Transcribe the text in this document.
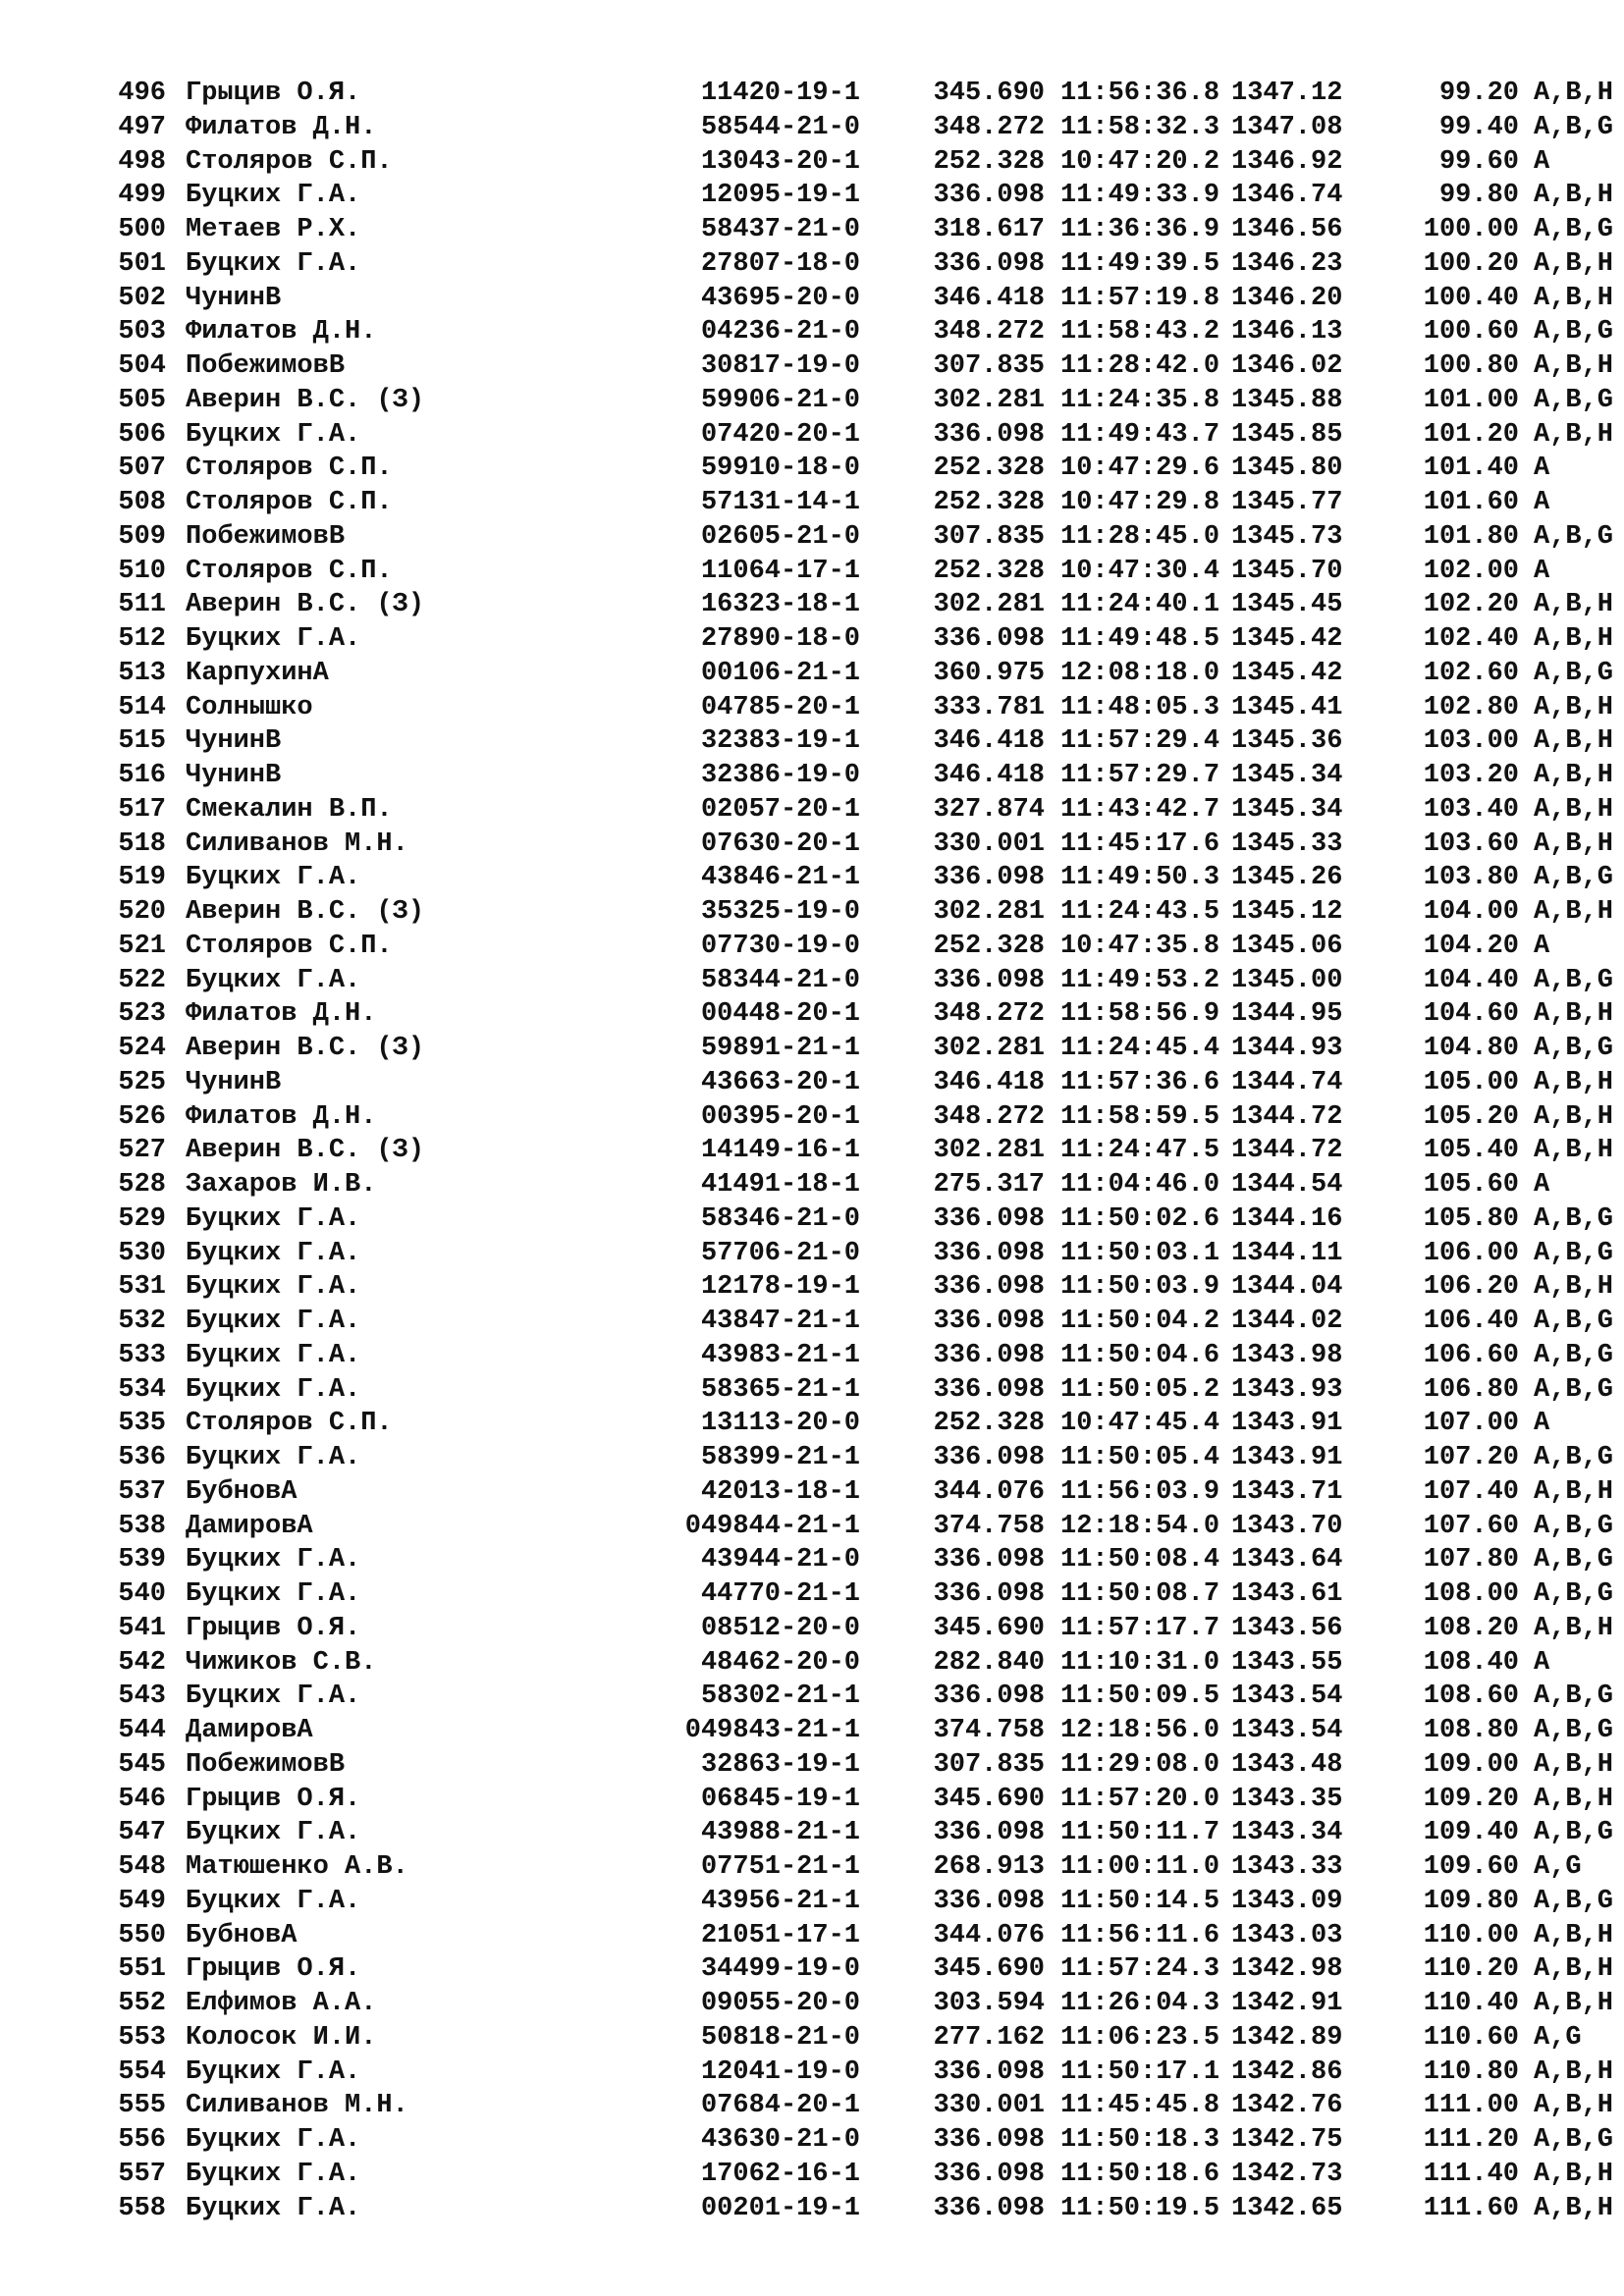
496 Грыцив О.Я.	11420-19-1	345.690 11:56:36.8 1347.12	99.20 A,B,H
497 Филатов Д.Н.	58544-21-0	348.272 11:58:32.3 1347.08	99.40 A,B,G
498 Столяров С.П.	13043-20-1	252.328 10:47:20.2 1346.92	99.60 A
499 Буцких Г.А.	12095-19-1	336.098 11:49:33.9 1346.74	99.80 A,B,H
500 Метаев Р.Х.	58437-21-0	318.617 11:36:36.9 1346.56	100.00 A,B,G
501 Буцких Г.А.	27807-18-0	336.098 11:49:39.5 1346.23	100.20 A,B,H
502 ЧунинВ	43695-20-0	346.418 11:57:19.8 1346.20	100.40 A,B,H
503 Филатов Д.Н.	04236-21-0	348.272 11:58:43.2 1346.13	100.60 A,B,G
504 ПобежимовВ	30817-19-0	307.835 11:28:42.0 1346.02	100.80 A,B,H
505 Аверин В.С. (З)	59906-21-0	302.281 11:24:35.8 1345.88	101.00 A,B,G
506 Буцких Г.А.	07420-20-1	336.098 11:49:43.7 1345.85	101.20 A,B,H
507 Столяров С.П.	59910-18-0	252.328 10:47:29.6 1345.80	101.40 A
508 Столяров С.П.	57131-14-1	252.328 10:47:29.8 1345.77	101.60 A
509 ПобежимовВ	02605-21-0	307.835 11:28:45.0 1345.73	101.80 A,B,G
510 Столяров С.П.	11064-17-1	252.328 10:47:30.4 1345.70	102.00 A
511 Аверин В.С. (З)	16323-18-1	302.281 11:24:40.1 1345.45	102.20 A,B,H
512 Буцких Г.А.	27890-18-0	336.098 11:49:48.5 1345.42	102.40 A,B,H
513 КарпухинА	00106-21-1	360.975 12:08:18.0 1345.42	102.60 A,B,G
514 Солнышко	04785-20-1	333.781 11:48:05.3 1345.41	102.80 A,B,H
515 ЧунинВ	32383-19-1	346.418 11:57:29.4 1345.36	103.00 A,B,H
516 ЧунинВ	32386-19-0	346.418 11:57:29.7 1345.34	103.20 A,B,H
517 Смекалин В.П.	02057-20-1	327.874 11:43:42.7 1345.34	103.40 A,B,H
518 Силиванов М.Н.	07630-20-1	330.001 11:45:17.6 1345.33	103.60 A,B,H
519 Буцких Г.А.	43846-21-1	336.098 11:49:50.3 1345.26	103.80 A,B,G
520 Аверин В.С. (З)	35325-19-0	302.281 11:24:43.5 1345.12	104.00 A,B,H
521 Столяров С.П.	07730-19-0	252.328 10:47:35.8 1345.06	104.20 A
522 Буцких Г.А.	58344-21-0	336.098 11:49:53.2 1345.00	104.40 A,B,G
523 Филатов Д.Н.	00448-20-1	348.272 11:58:56.9 1344.95	104.60 A,B,H
524 Аверин В.С. (З)	59891-21-1	302.281 11:24:45.4 1344.93	104.80 A,B,G
525 ЧунинВ	43663-20-1	346.418 11:57:36.6 1344.74	105.00 A,B,H
526 Филатов Д.Н.	00395-20-1	348.272 11:58:59.5 1344.72	105.20 A,B,H
527 Аверин В.С. (З)	14149-16-1	302.281 11:24:47.5 1344.72	105.40 A,B,H
528 Захаров И.В.	41491-18-1	275.317 11:04:46.0 1344.54	105.60 A
529 Буцких Г.А.	58346-21-0	336.098 11:50:02.6 1344.16	105.80 A,B,G
530 Буцких Г.А.	57706-21-0	336.098 11:50:03.1 1344.11	106.00 A,B,G
531 Буцких Г.А.	12178-19-1	336.098 11:50:03.9 1344.04	106.20 A,B,H
532 Буцких Г.А.	43847-21-1	336.098 11:50:04.2 1344.02	106.40 A,B,G
533 Буцких Г.А.	43983-21-1	336.098 11:50:04.6 1343.98	106.60 A,B,G
534 Буцких Г.А.	58365-21-1	336.098 11:50:05.2 1343.93	106.80 A,B,G
535 Столяров С.П.	13113-20-0	252.328 10:47:45.4 1343.91	107.00 A
536 Буцких Г.А.	58399-21-1	336.098 11:50:05.4 1343.91	107.20 A,B,G
537 БубновА	42013-18-1	344.076 11:56:03.9 1343.71	107.40 A,B,H
538 ДамировА	049844-21-1	374.758 12:18:54.0 1343.70	107.60 A,B,G
539 Буцких Г.А.	43944-21-0	336.098 11:50:08.4 1343.64	107.80 A,B,G
540 Буцких Г.А.	44770-21-1	336.098 11:50:08.7 1343.61	108.00 A,B,G
541 Грыцив О.Я.	08512-20-0	345.690 11:57:17.7 1343.56	108.20 A,B,H
542 Чижиков С.В.	48462-20-0	282.840 11:10:31.0 1343.55	108.40 A
543 Буцких Г.А.	58302-21-1	336.098 11:50:09.5 1343.54	108.60 A,B,G
544 ДамировА	049843-21-1	374.758 12:18:56.0 1343.54	108.80 A,B,G
545 ПобежимовВ	32863-19-1	307.835 11:29:08.0 1343.48	109.00 A,B,H
546 Грыцив О.Я.	06845-19-1	345.690 11:57:20.0 1343.35	109.20 A,B,H
547 Буцких Г.А.	43988-21-1	336.098 11:50:11.7 1343.34	109.40 A,B,G
548 Матюшенко А.В.	07751-21-1	268.913 11:00:11.0 1343.33	109.60 A,G
549 Буцких Г.А.	43956-21-1	336.098 11:50:14.5 1343.09	109.80 A,B,G
550 БубновА	21051-17-1	344.076 11:56:11.6 1343.03	110.00 A,B,H
551 Грыцив О.Я.	34499-19-0	345.690 11:57:24.3 1342.98	110.20 A,B,H
552 Елфимов А.А.	09055-20-0	303.594 11:26:04.3 1342.91	110.40 A,B,H
553 Колосок И.И.	50818-21-0	277.162 11:06:23.5 1342.89	110.60 A,G
554 Буцких Г.А.	12041-19-0	336.098 11:50:17.1 1342.86	110.80 A,B,H
555 Силиванов М.Н.	07684-20-1	330.001 11:45:45.8 1342.76	111.00 A,B,H
556 Буцких Г.А.	43630-21-0	336.098 11:50:18.3 1342.75	111.20 A,B,G
557 Буцких Г.А.	17062-16-1	336.098 11:50:18.6 1342.73	111.40 A,B,H
558 Буцких Г.А.	00201-19-1	336.098 11:50:19.5 1342.65	111.60 A,B,H
